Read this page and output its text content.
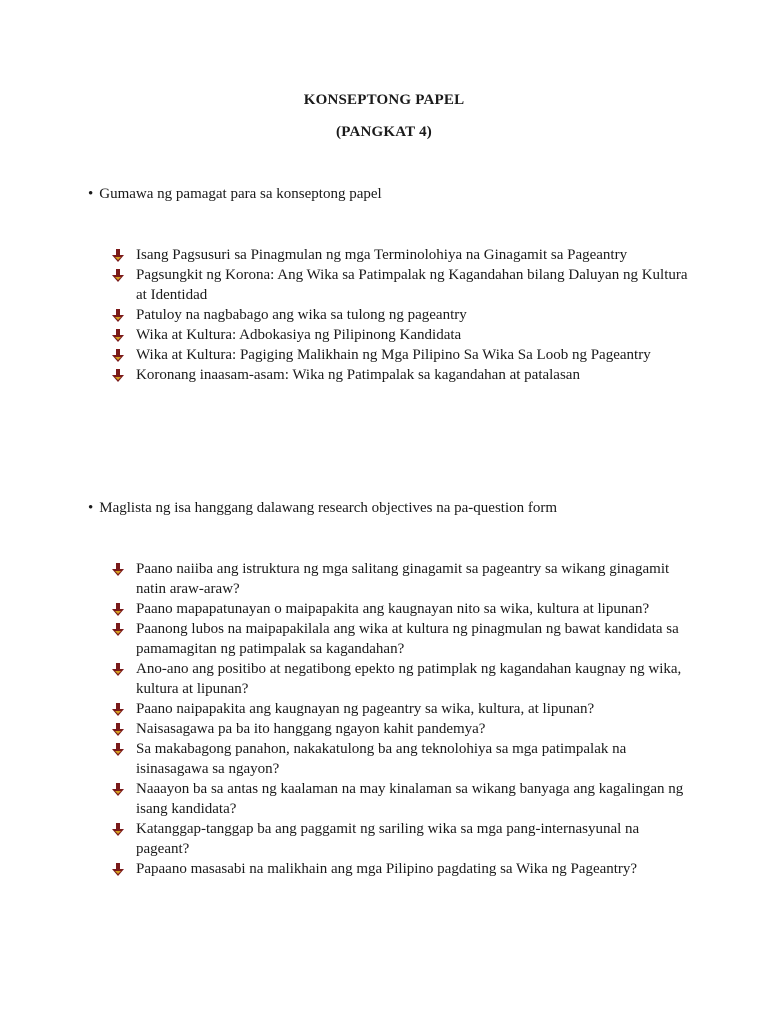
KONSEPTONG PAPEL
(PANGKAT 4)
• Gumawa ng pamagat para sa konseptong papel
Isang Pagsusuri sa Pinagmulan ng mga Terminolohiya na Ginagamit sa Pageantry
Pagsungkit ng Korona: Ang Wika sa Patimpalak ng Kagandahan bilang Daluyan ng Kultura at Identidad
Patuloy na nagbabago ang wika sa tulong ng pageantry
Wika at Kultura: Adbokasiya ng Pilipinong Kandidata
Wika at Kultura: Pagiging Malikhain ng Mga Pilipino Sa Wika Sa Loob ng Pageantry
Koronang inaasam-asam: Wika ng Patimpalak sa kagandahan at patalasan
• Maglista ng isa hanggang dalawang research objectives na pa-question form
Paano naiiba ang istruktura ng mga salitang ginagamit sa pageantry sa wikang ginagamit natin araw-araw?
Paano mapapatunayan o maipapakita ang kaugnayan nito sa wika, kultura at lipunan?
Paanong lubos na maipapakilala ang wika at kultura ng pinagmulan ng bawat kandidata sa pamamagitan ng patimpalak sa kagandahan?
Ano-ano ang positibo at negatibong epekto ng patimplak ng kagandahan kaugnay ng wika, kultura at lipunan?
Paano naipapakita ang kaugnayan ng pageantry sa wika, kultura, at lipunan?
Naisasagawa pa ba ito hanggang ngayon kahit pandemya?
Sa makabagong panahon, nakakatulong ba ang teknolohiya sa mga patimpalak na isinasagawa sa ngayon?
Naaayon ba sa antas ng kaalaman na may kinalaman sa wikang banyaga ang kagalingan ng isang kandidata?
Katanggap-tanggap ba ang paggamit ng sariling wika sa mga pang-internasyunal na pageant?
Papaano masasabi na malikhain ang mga Pilipino pagdating sa Wika ng Pageantry?
